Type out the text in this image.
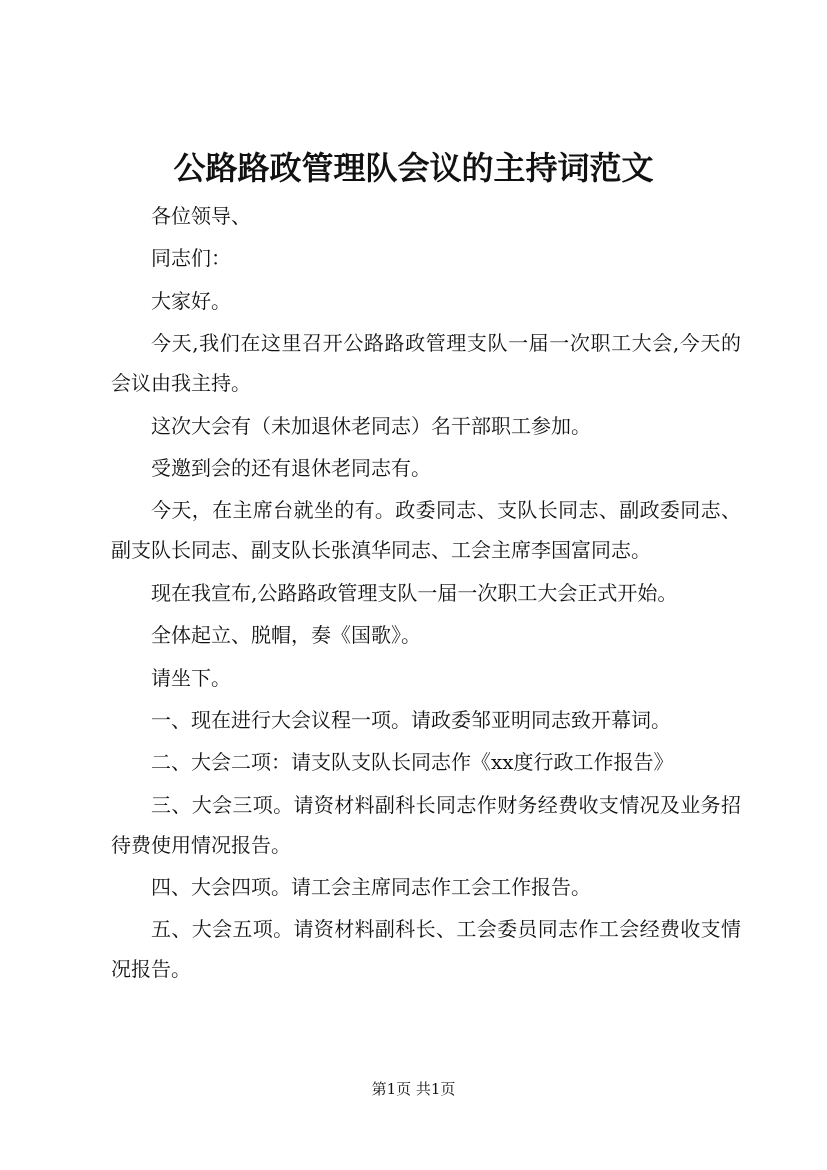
公路路政管理队会议的主持词范文

各位领导、

同志们：

大家好。

今天,我们在这里召开公路路政管理支队一届一次职工大会,今天的会议由我主持。

这次大会有（未加退休老同志）名干部职工参加。

受邀到会的还有退休老同志有。

今天，在主席台就坐的有。政委同志、支队长同志、副政委同志、副支队长同志、副支队长张滇华同志、工会主席李国富同志。

现在我宣布,公路路政管理支队一届一次职工大会正式开始。

全体起立、脱帽，奏《国歌》。

请坐下。

一、现在进行大会议程一项。请政委邹亚明同志致开幕词。

二、大会二项：请支队支队长同志作《xx度行政工作报告》

三、大会三项。请资材料副科长同志作财务经费收支情况及业务招待费使用情况报告。

四、大会四项。请工会主席同志作工会工作报告。

五、大会五项。请资材料副科长、工会委员同志作工会经费收支情况报告。

第1页 共1页
